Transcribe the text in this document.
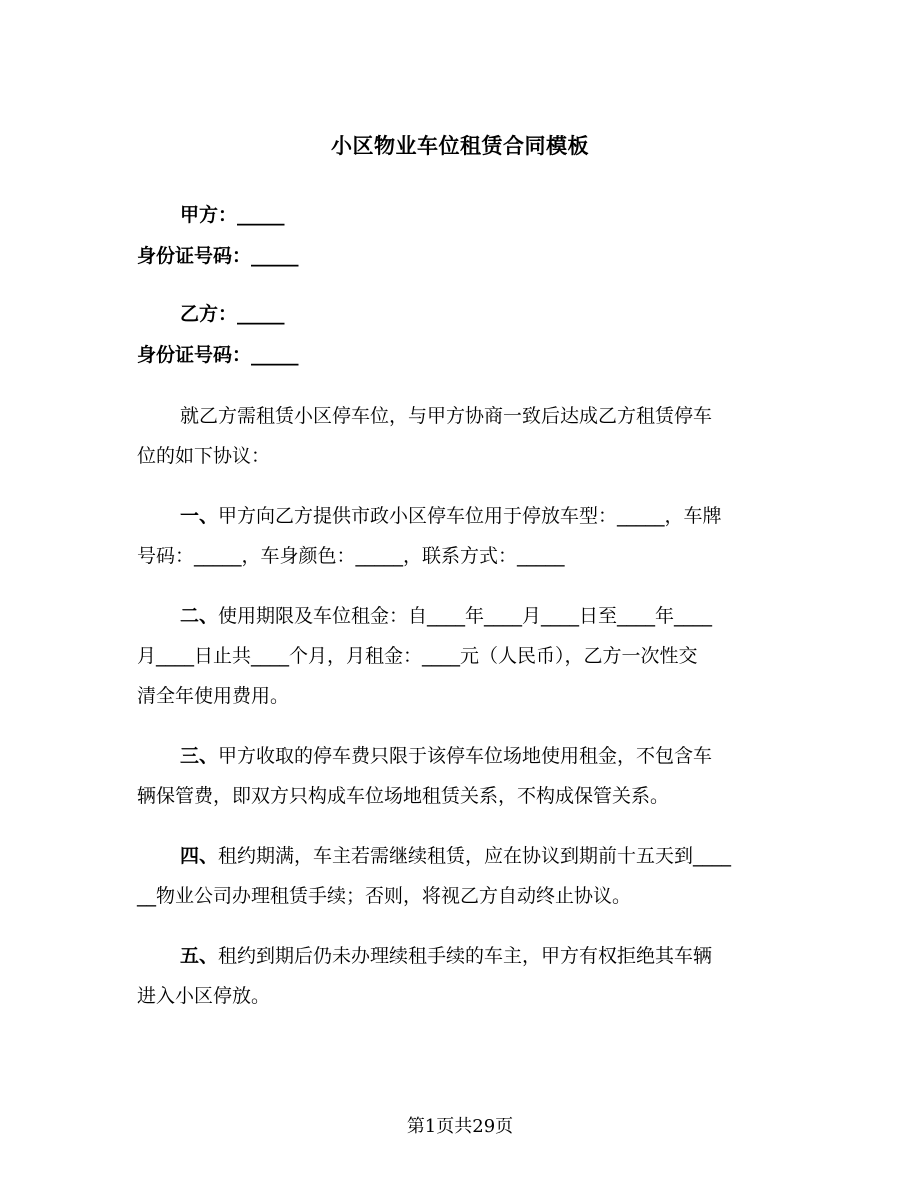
小区物业车位租赁合同模板
甲方：_____
身份证号码：_____
乙方：_____
身份证号码：_____
就乙方需租赁小区停车位，与甲方协商一致后达成乙方租赁停车
位的如下协议：
一、甲方向乙方提供市政小区停车位用于停放车型：_____，车牌
号码：_____，车身颜色：_____，联系方式：_____
二、使用期限及车位租金：自____年____月____日至____年____
月____日止共____个月，月租金：____元（人民币），乙方一次性交
清全年使用费用。
三、甲方收取的停车费只限于该停车位场地使用租金，不包含车
辆保管费，即双方只构成车位场地租赁关系，不构成保管关系。
四、租约期满，车主若需继续租赁，应在协议到期前十五天到____
__物业公司办理租赁手续；否则，将视乙方自动终止协议。
五、租约到期后仍未办理续租手续的车主，甲方有权拒绝其车辆
进入小区停放。
第1页共29页
